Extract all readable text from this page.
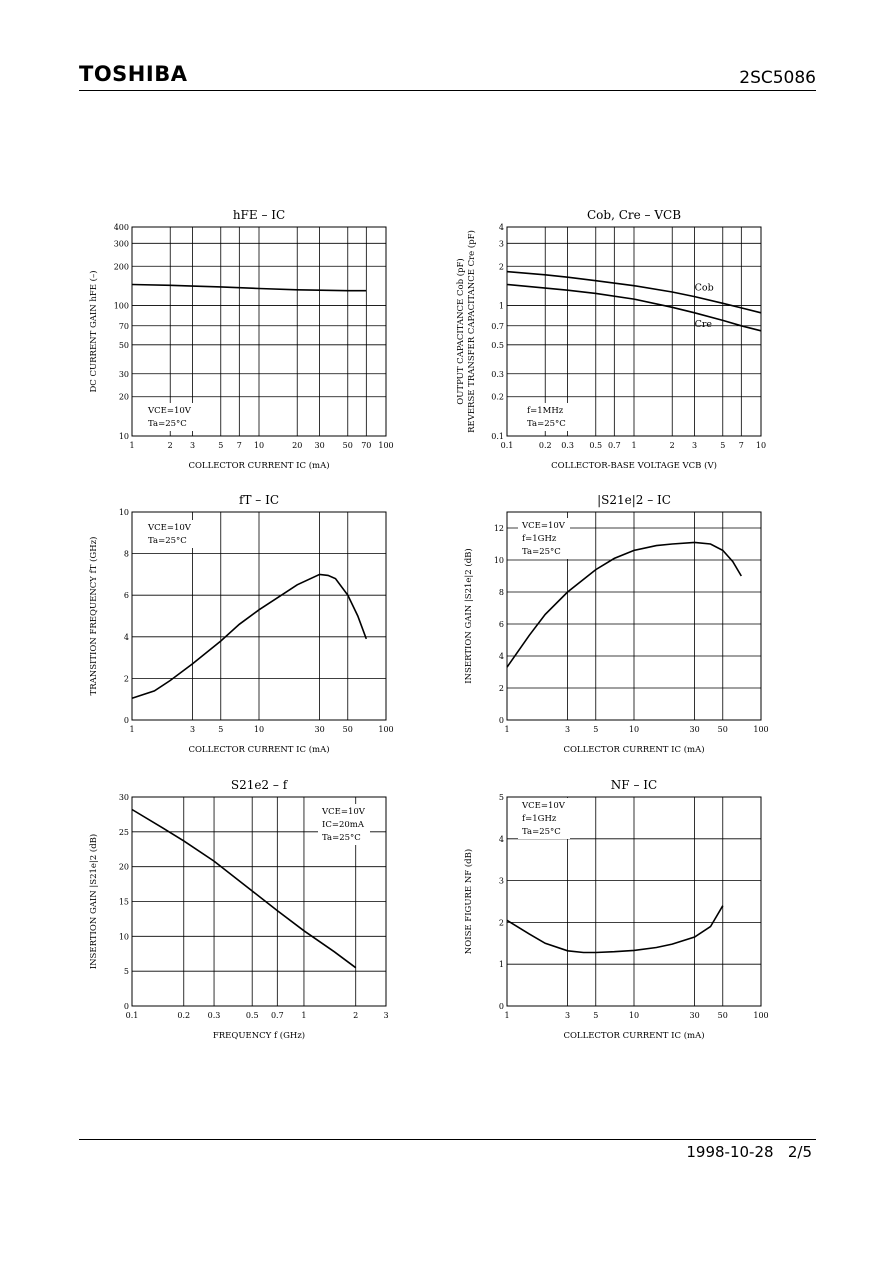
TOSHIBA	2SC5086
1	2 3	5 7 10	20 30 50 70 100
10
20
30
50
70
100
200
300
400
hFE – IC
COLLECTOR CURRENT IC (mA)
DC CURRENT GAIN hFE (–)
VCE=10V
Ta=25°C
0.1	0.2 0.3 0.5 0.7 1	2 3	5 7 10
0.1
0.2
0.3
0.5
0.7
1
2
3
4
Cob, Cre – VCB
COLLECTOR-BASE VOLTAGE VCB (V)
OUTPUT CAPACITANCE Cob (pF) REVERSE TRANSFER CAPACITANCE Cre (pF)	f=1MHz
Ta=25°C
Cob
Cre
1	3	5	10	30 50	100
0
2
4
6
8
10
fT – IC
COLLECTOR CURRENT IC (mA)
TRANSITION FREQUENCY fT (GHz)
VCE=10V
Ta=25°C
1	3	5	10	30 50	100
0
2
4
6
8
10
12
|S21e|2 – IC
COLLECTOR CURRENT IC (mA)
INSERTION GAIN |S21e|2 (dB)
VCE=10V
f=1GHz
Ta=25°C
0.1	0.2 0.3	0.5 0.7 1	2	3
0
5
10
15
20
25
30
S21e2 – f
FREQUENCY f (GHz)
INSERTION GAIN |S21e|2 (dB)
VCE=10V
IC=20mA
Ta=25°C
1	3	5	10	30 50	100
0
1
2
3
4
5
NF – IC
COLLECTOR CURRENT IC (mA)
NOISE FIGURE NF (dB)
VCE=10V
f=1GHz
Ta=25°C
1998-10-28 2/5
